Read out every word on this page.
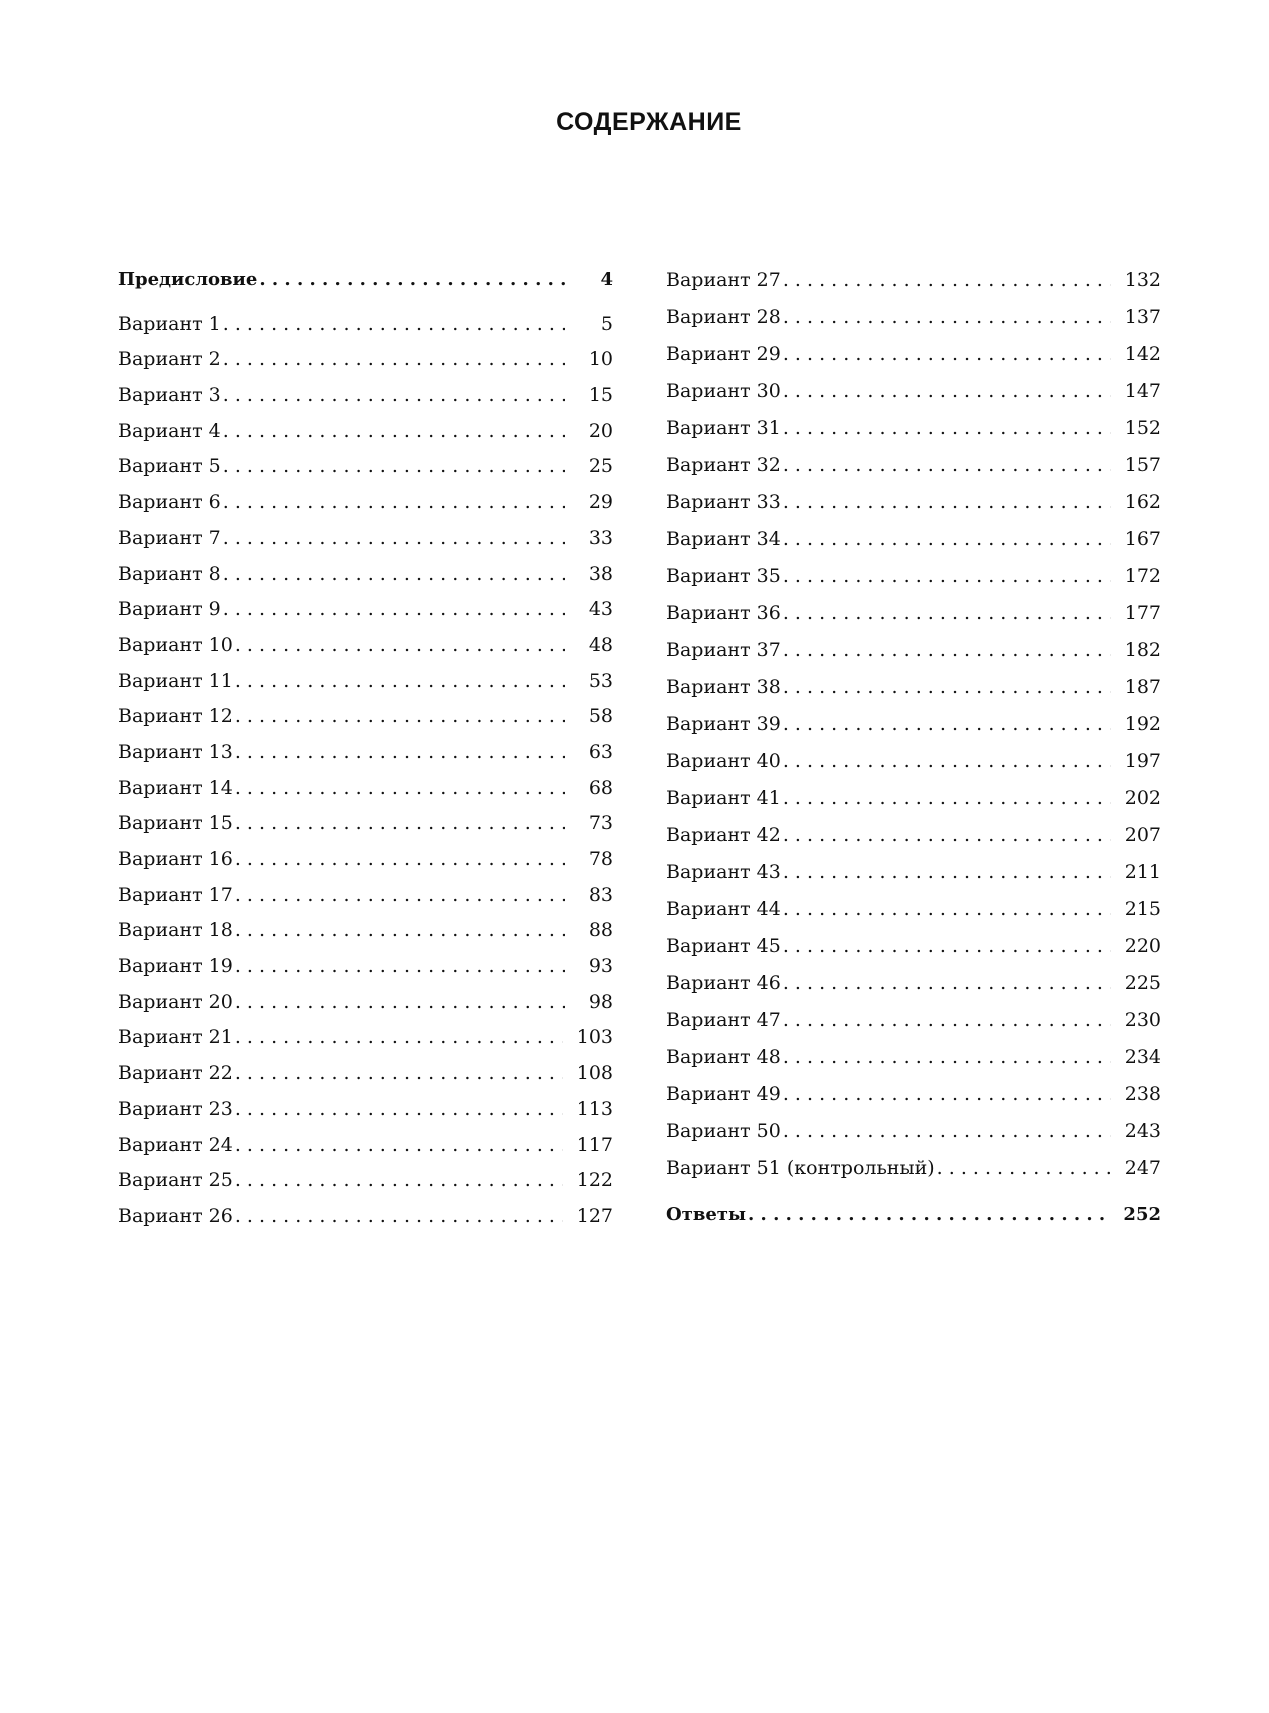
СОДЕРЖАНИЕ
Предисловие . . .	4
Вариант 1 . . .	5
Вариант 2 . . .	10
Вариант 3 . . .	15
Вариант 4 . . .	20
Вариант 5 . . .	25
Вариант 6 . . .	29
Вариант 7 . . .	33
Вариант 8 . . .	38
Вариант 9 . . .	43
Вариант 10 . . .	48
Вариант 11 . . .	53
Вариант 12 . . .	58
Вариант 13 . . .	63
Вариант 14 . . .	68
Вариант 15 . . .	73
Вариант 16 . . .	78
Вариант 17 . . .	83
Вариант 18 . . .	88
Вариант 19 . . .	93
Вариант 20 . . .	98
Вариант 21 . . .	103
Вариант 22 . . .	108
Вариант 23 . . .	113
Вариант 24 . . .	117
Вариант 25 . . .	122
Вариант 26 . . .	127
Вариант 27 . . .	132
Вариант 28 . . .	137
Вариант 29 . . .	142
Вариант 30 . . .	147
Вариант 31 . . .	152
Вариант 32 . . .	157
Вариант 33 . . .	162
Вариант 34 . . .	167
Вариант 35 . . .	172
Вариант 36 . . .	177
Вариант 37 . . .	182
Вариант 38 . . .	187
Вариант 39 . . .	192
Вариант 40 . . .	197
Вариант 41 . . .	202
Вариант 42 . . .	207
Вариант 43 . . .	211
Вариант 44 . . .	215
Вариант 45 . . .	220
Вариант 46 . . .	225
Вариант 47 . . .	230
Вариант 48 . . .	234
Вариант 49 . . .	238
Вариант 50 . . .	243
Вариант 51 (контрольный) . . .	247
Ответы . . .	252
